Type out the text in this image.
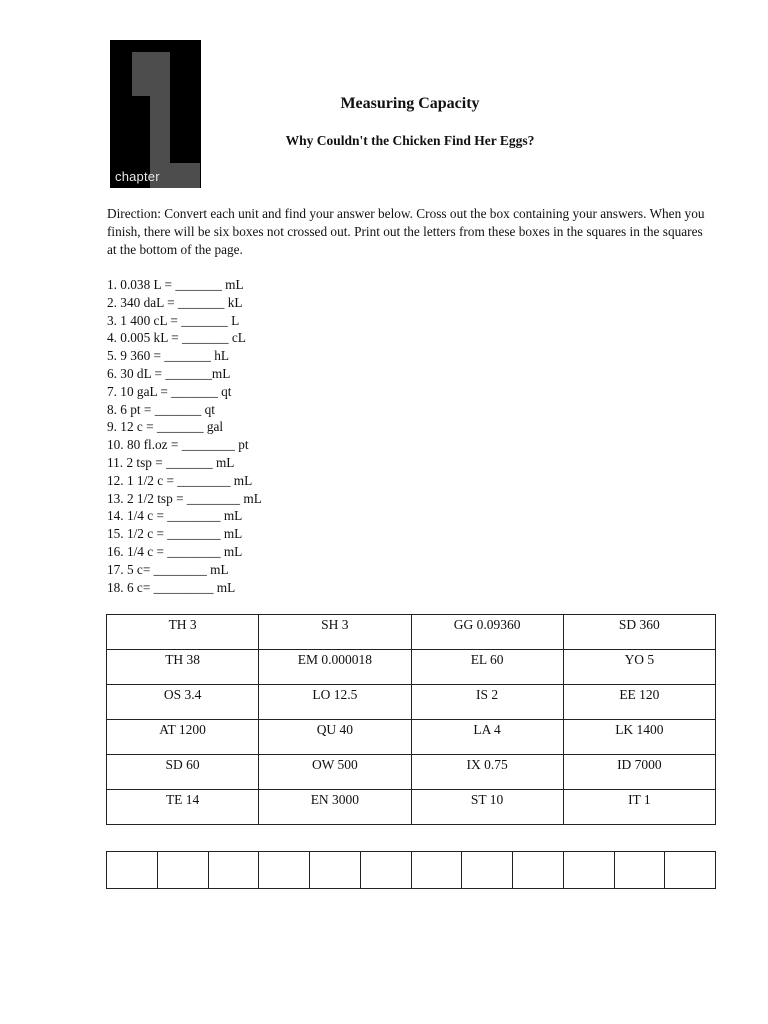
chapter
Measuring Capacity
Why Couldn't the Chicken Find Her Eggs?
Direction: Convert each unit and find your answer below. Cross out the box containing your answers. When you finish, there will be six boxes not crossed out. Print out the letters from these boxes in the squares in the squares at the bottom of the page.
1. 0.038 L = _______ mL
2. 340 daL = _______ kL
3. 1 400 cL = _______ L
4. 0.005 kL = _______ cL
5. 9 360 = _______ hL
6. 30 dL = _______mL
7. 10 gaL = _______ qt
8. 6 pt = _______ qt
9. 12 c = _______ gal
10. 80 fl.oz = ________ pt
11. 2 tsp = _______ mL
12. 1 1/2 c = ________ mL
13. 2 1/2 tsp = ________ mL
14. 1/4 c = ________ mL
15. 1/2 c = ________ mL
16. 1/4 c = ________ mL
17. 5 c= ________ mL
18. 6 c= _________ mL
TH 3	SH 3	GG 0.09360	SD 360
TH 38	EM 0.000018	EL 60	YO 5
OS 3.4	LO 12.5	IS 2	EE 120
AT 1200	QU 40	LA 4	LK 1400
SD 60	OW 500	IX 0.75	ID 7000
TE 14	EN 3000	ST 10	IT 1
